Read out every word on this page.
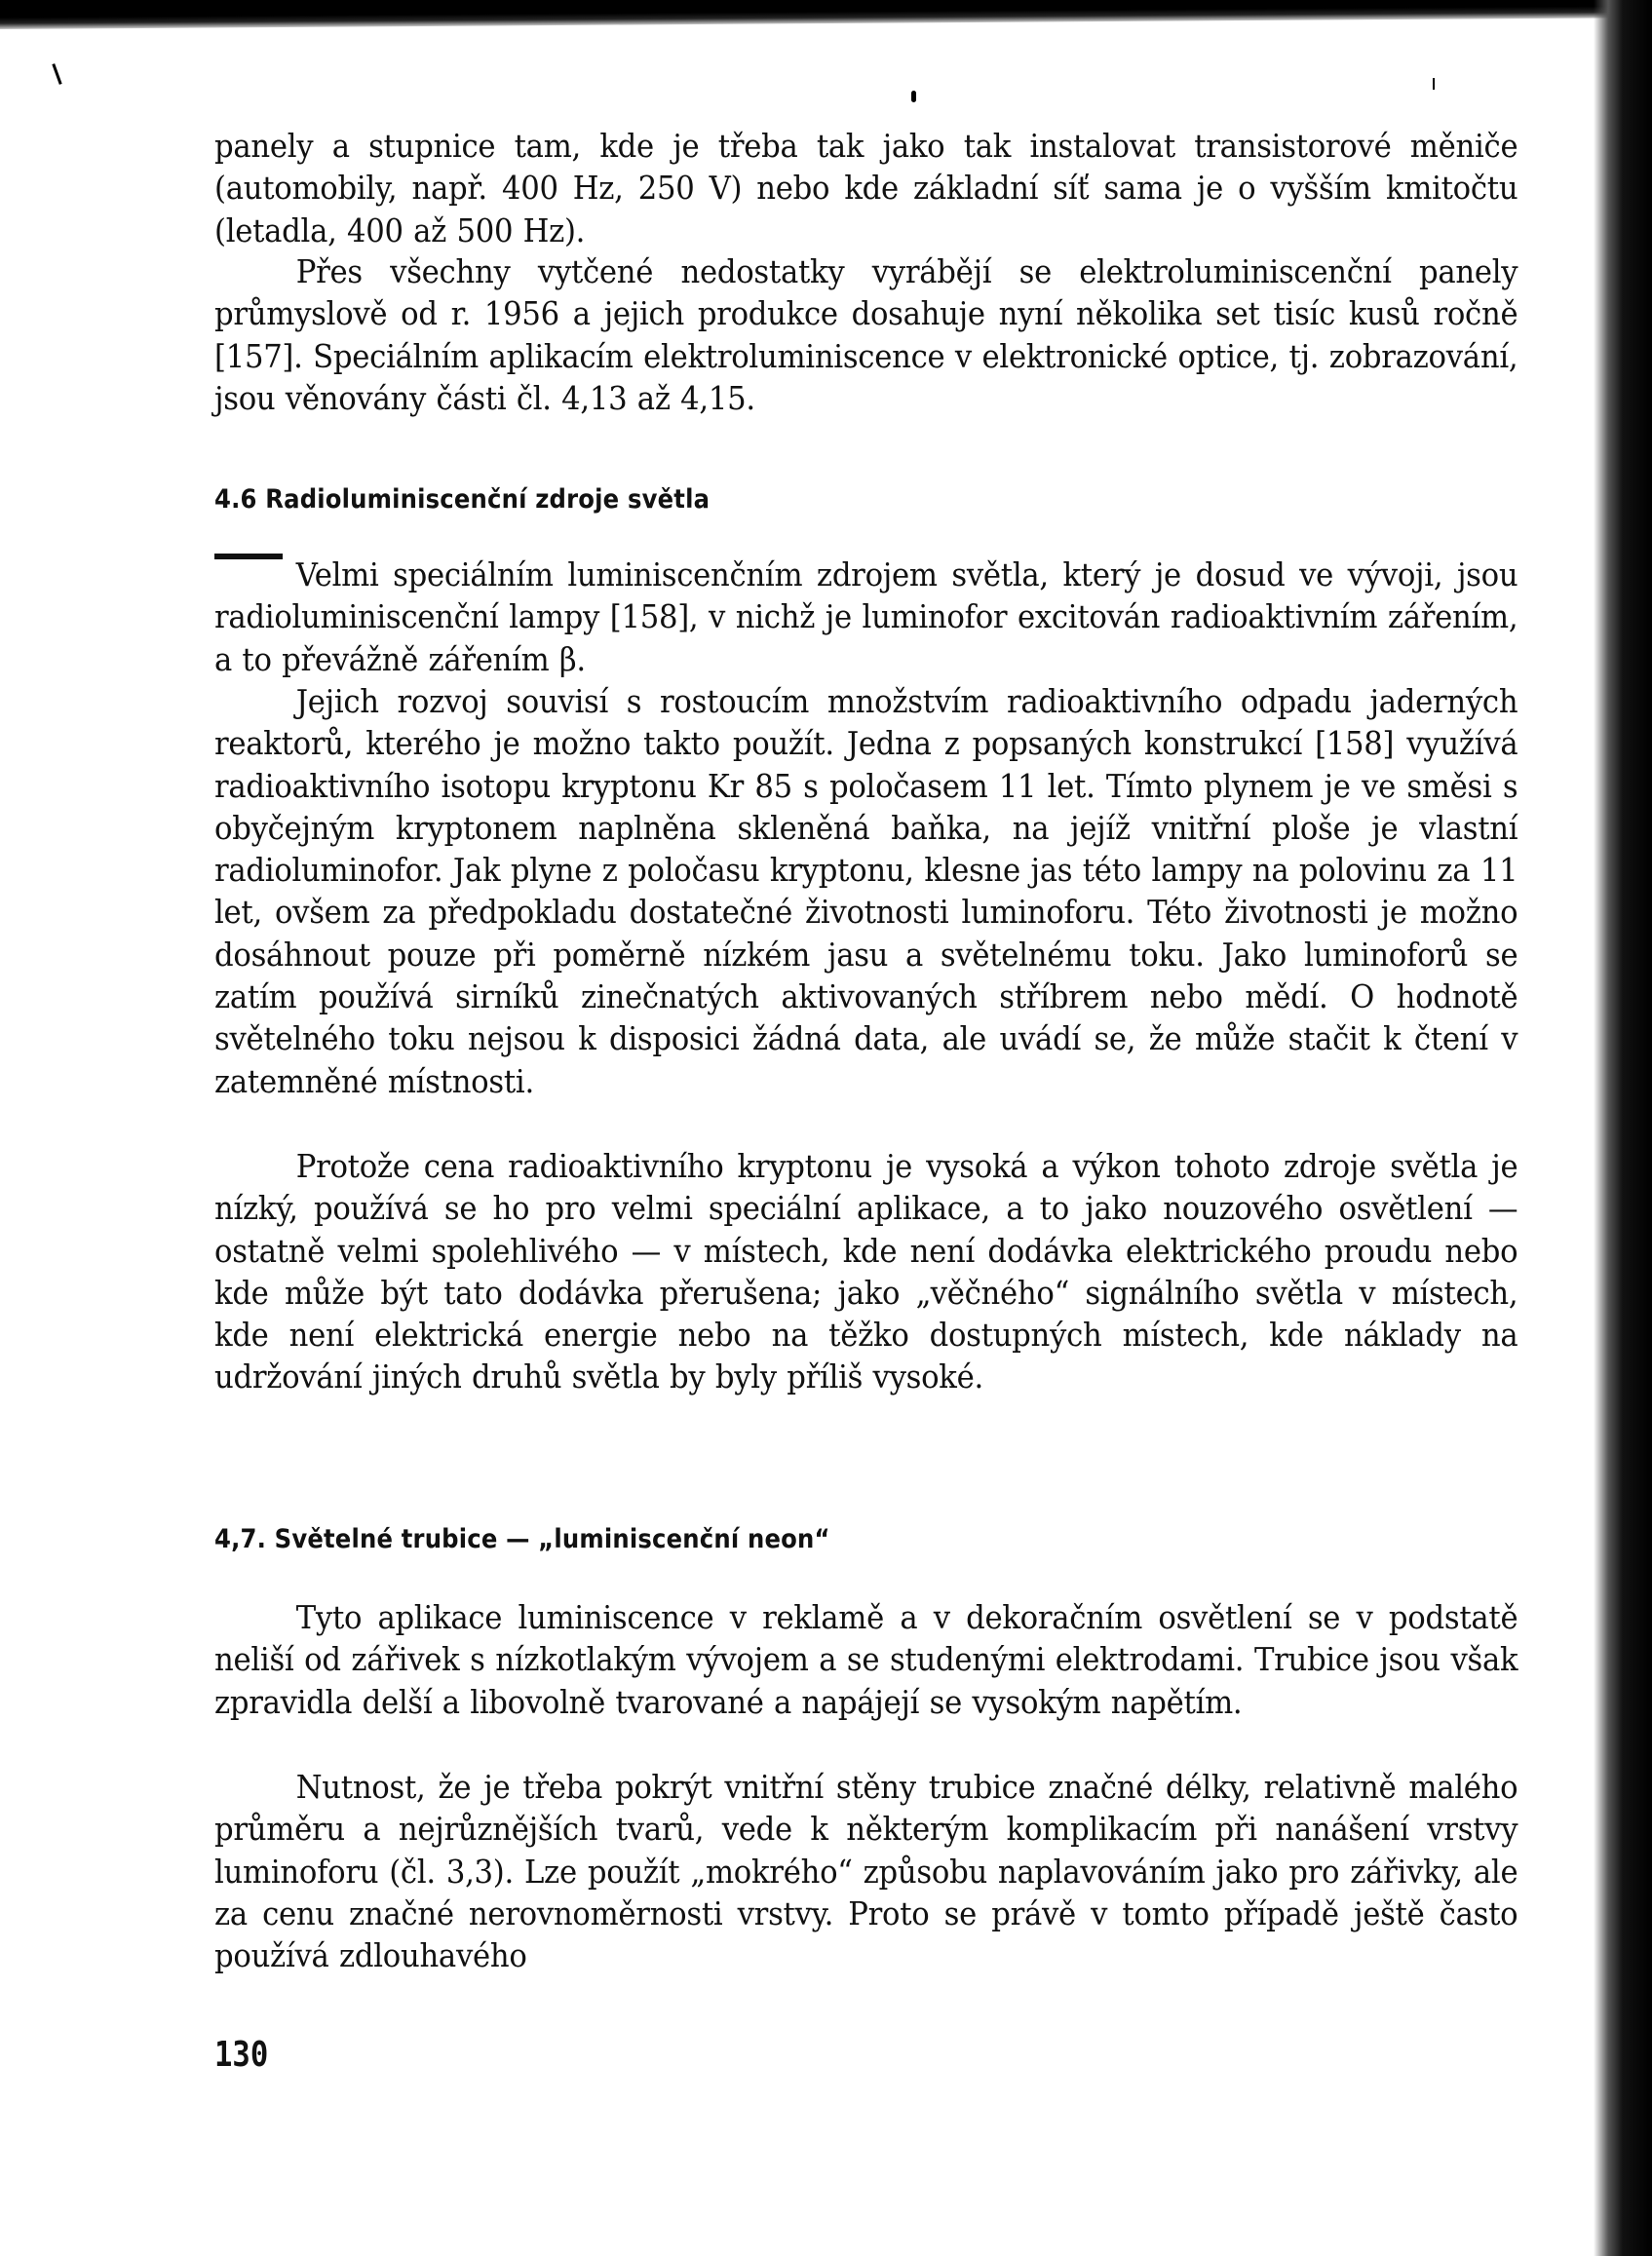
panely a stupnice tam, kde je třeba tak jako tak instalovat transistorové měniče (automobily, např. 400 Hz, 250 V) nebo kde základní síť sama je o vyšším kmitočtu (letadla, 400 až 500 Hz).

Přes všechny vytčené nedostatky vyrábějí se elektroluminiscenční panely průmyslově od r. 1956 a jejich produkce dosahuje nyní několika set tisíc kusů ročně [157]. Speciálním aplikacím elektroluminiscence v elektronické optice, tj. zobrazování, jsou věnovány části čl. 4,13 až 4,15.

4.6 Radioluminiscenční zdroje světla

Velmi speciálním luminiscenčním zdrojem světla, který je dosud ve vývoji, jsou radioluminiscenční lampy [158], v nichž je luminofor excitován radioaktivním zářením, a to převážně zářením β.

Jejich rozvoj souvisí s rostoucím množstvím radioaktivního odpadu jaderných reaktorů, kterého je možno takto použít. Jedna z popsaných konstrukcí [158] využívá radioaktivního isotopu kryptonu Kr 85 s poločasem 11 let. Tímto plynem je ve směsi s obyčejným kryptonem naplněna skleněná baňka, na jejíž vnitřní ploše je vlastní radioluminofor. Jak plyne z poločasu kryptonu, klesne jas této lampy na polovinu za 11 let, ovšem za předpokladu dostatečné životnosti luminoforu. Této životnosti je možno dosáhnout pouze při poměrně nízkém jasu a světelnému toku. Jako luminoforů se zatím používá sirníků zinečnatých aktivovaných stříbrem nebo mědí. O hodnotě světelného toku nejsou k disposici žádná data, ale uvádí se, že může stačit k čtení v zatemněné místnosti.

Protože cena radioaktivního kryptonu je vysoká a výkon tohoto zdroje světla je nízký, používá se ho pro velmi speciální aplikace, a to jako nouzového osvětlení — ostatně velmi spolehlivého — v místech, kde není dodávka elektrického proudu nebo kde může být tato dodávka přerušena; jako „věčného“ signálního světla v místech, kde není elektrická energie nebo na těžko dostupných místech, kde náklady na udržování jiných druhů světla by byly příliš vysoké.

4,7. Světelné trubice — „luminiscenční neon“

Tyto aplikace luminiscence v reklamě a v dekoračním osvětlení se v podstatě neliší od zářivek s nízkotlakým vývojem a se studenými elektrodami. Trubice jsou však zpravidla delší a libovolně tvarované a napájejí se vysokým napětím.

Nutnost, že je třeba pokrýt vnitřní stěny trubice značné délky, relativně malého průměru a nejrůznějších tvarů, vede k některým komplikacím při nanášení vrstvy luminoforu (čl. 3,3). Lze použít „mokrého“ způsobu naplavováním jako pro zářivky, ale za cenu značné nerovnoměrnosti vrstvy. Proto se právě v tomto případě ještě často používá zdlouhavého

130
